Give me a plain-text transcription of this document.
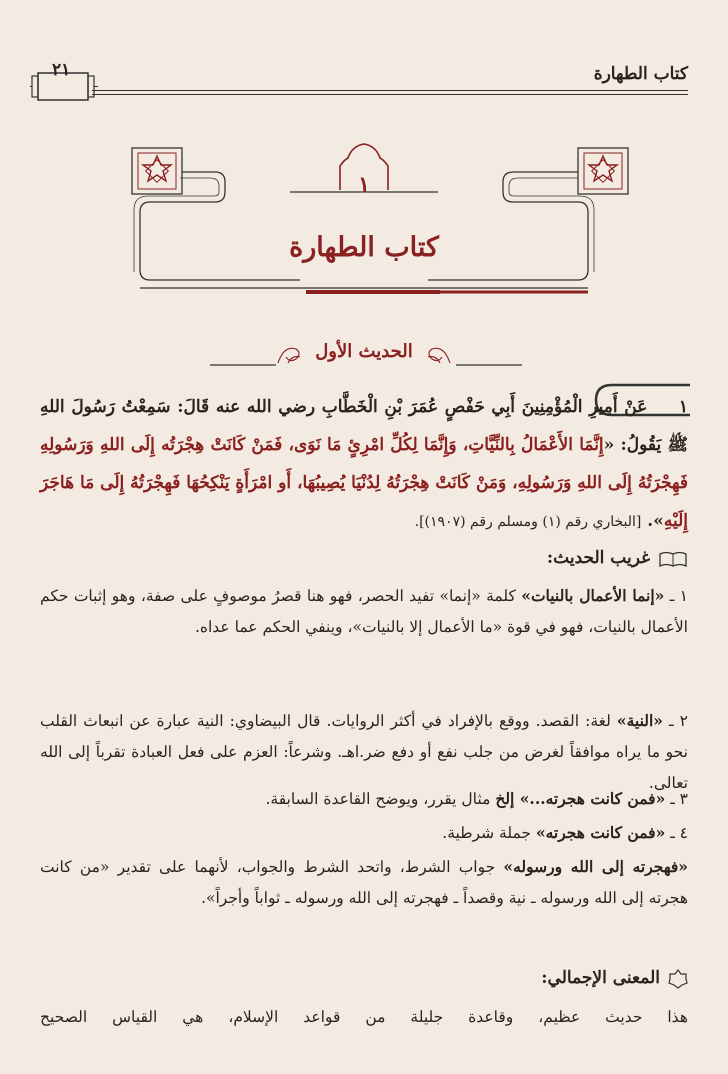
كتاب الطهارة
٢١
١
كتاب الطهارة
الحديث الأول
١ عَنْ أَمِيرِ الْمُؤْمِنِينَ أَبِي حَفْصٍ عُمَرَ بْنِ الْخَطَّابِ رضي الله عنه قَالَ: سَمِعْتُ رَسُولَ اللهِ ﷺ يَقُولُ: «إِنَّمَا الأَعْمَالُ بِالنِّيَّاتِ، وَإِنَّمَا لِكُلِّ امْرِئٍ مَا نَوَى، فَمَنْ كَانَتْ هِجْرَتُه إِلَى اللهِ وَرَسُولِهِ فَهِجْرَتُهُ إِلَى اللهِ وَرَسُولِهِ، وَمَنْ كَانَتْ هِجْرَتُهُ لِدُنْيَا يُصِيبُهَا، أَو امْرَأَةٍ يَنْكِحُهَا فَهِجْرَتُهُ إِلَى مَا هَاجَرَ إِلَيْهِ». [البخاري رقم (١) ومسلم رقم (١٩٠٧)].
غريب الحديث:
١ ـ «إنما الأعمال بالنيات» كلمة «إنما» تفيد الحصر، فهو هنا قصرُ موصوفٍ على صفة، وهو إثبات حكم الأعمال بالنيات، فهو في قوة «ما الأعمال إلا بالنيات»، وينفي الحكم عما عداه.
٢ ـ «النية» لغة: القصد. ووقع بالإفراد في أكثر الروايات. قال البيضاوي: النية عبارة عن انبعاث القلب نحو ما يراه موافقاً لغرض من جلب نفع أو دفع ضر.اهـ. وشرعاً: العزم على فعل العبادة تقرباً إلى الله تعالى.
٣ ـ «فمن كانت هجرته...» إلخ مثال يقرر، ويوضح القاعدة السابقة.
٤ ـ «فمن كانت هجرته» جملة شرطية.
«فهجرته إلى الله ورسوله» جواب الشرط، واتحد الشرط والجواب، لأنهما على تقدير «من كانت هجرته إلى الله ورسوله ـ نية وقصداً ـ فهجرته إلى الله ورسوله ـ ثواباً وأجراً».
المعنى الإجمالي:
هذا حديث عظيم، وقاعدة جليلة من قواعد الإسلام، هي القياس الصحيح
